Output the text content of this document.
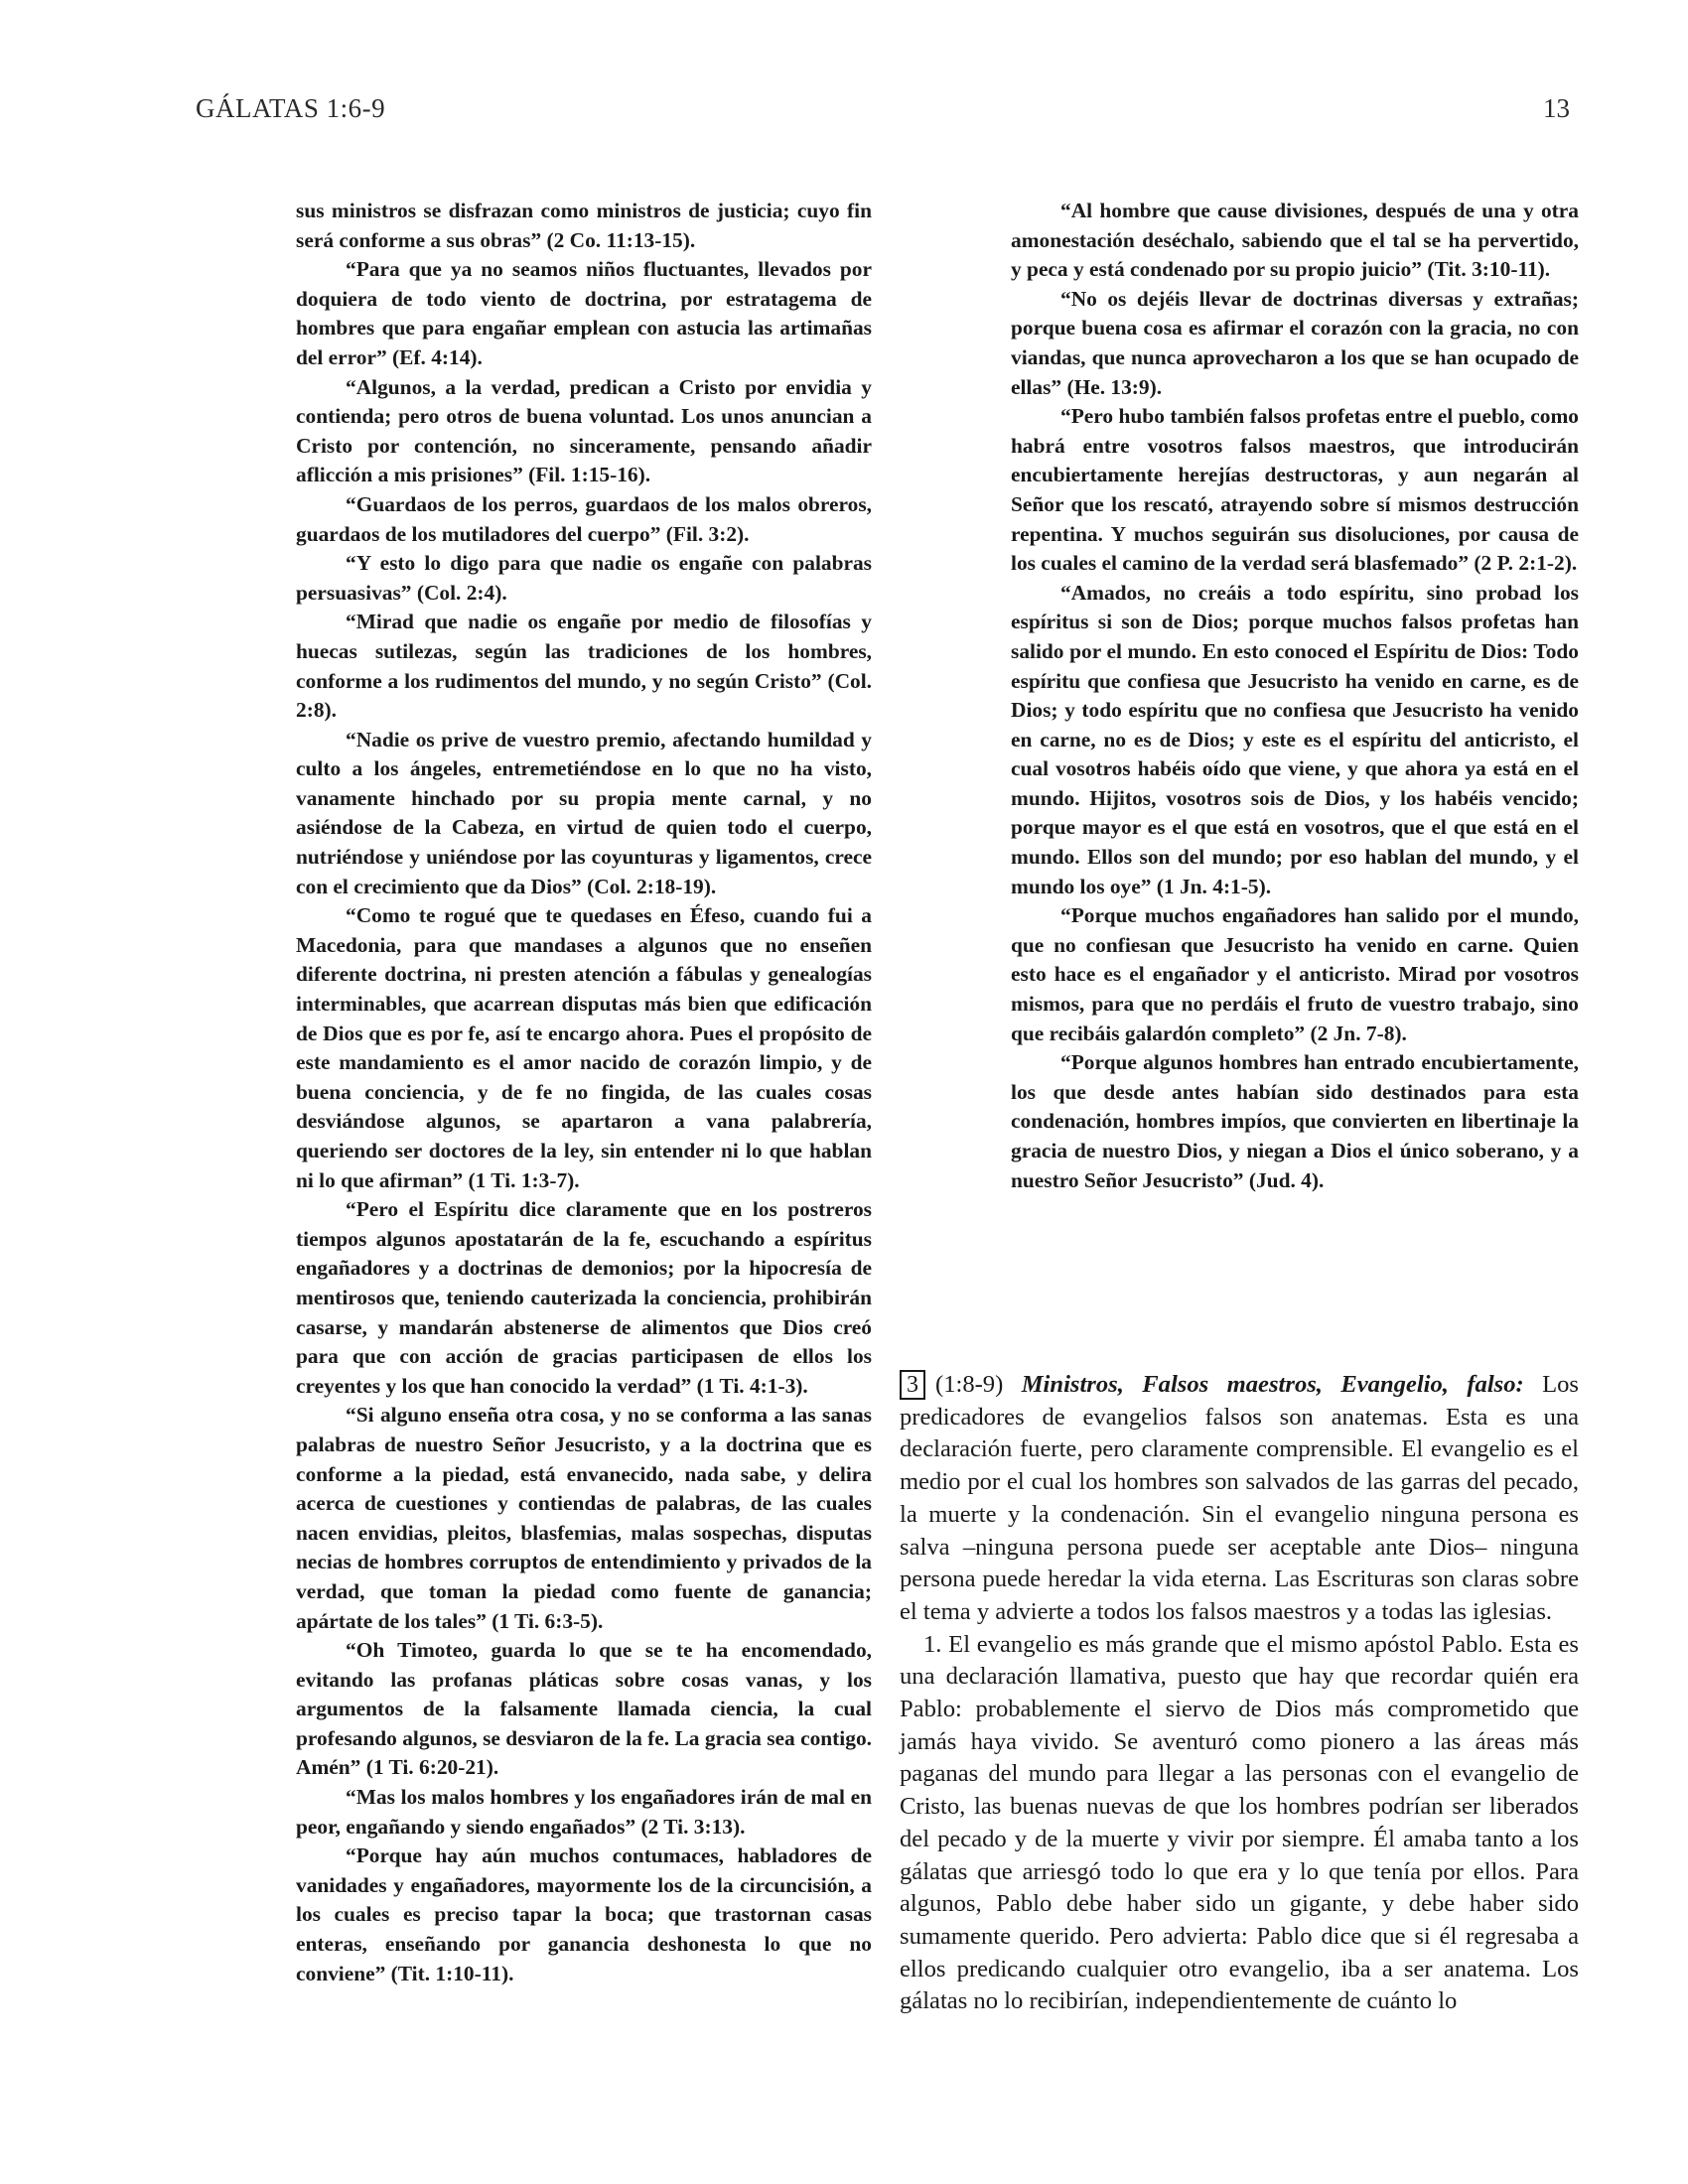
GÁLATAS 1:6-9	13

sus ministros se disfrazan como ministros de justicia; cuyo fin será conforme a sus obras” (2 Co. 11:13-15).

“Para que ya no seamos niños fluctuantes, llevados por doquiera de todo viento de doctrina, por estratagema de hombres que para engañar emplean con astucia las artimañas del error” (Ef. 4:14).

“Algunos, a la verdad, predican a Cristo por envidia y contienda; pero otros de buena voluntad. Los unos anuncian a Cristo por contención, no sinceramente, pensando añadir aflicción a mis prisiones” (Fil. 1:15-16).

“Guardaos de los perros, guardaos de los malos obreros, guardaos de los mutiladores del cuerpo” (Fil. 3:2).

“Y esto lo digo para que nadie os engañe con palabras persuasivas” (Col. 2:4).

“Mirad que nadie os engañe por medio de filosofías y huecas sutilezas, según las tradiciones de los hombres, conforme a los rudimentos del mundo, y no según Cristo” (Col. 2:8).

“Nadie os prive de vuestro premio, afectando humildad y culto a los ángeles, entremetiéndose en lo que no ha visto, vanamente hinchado por su propia mente carnal, y no asiéndose de la Cabeza, en virtud de quien todo el cuerpo, nutriéndose y uniéndose por las coyunturas y ligamentos, crece con el crecimiento que da Dios” (Col. 2:18-19).

“Como te rogué que te quedases en Éfeso, cuando fui a Macedonia, para que mandases a algunos que no enseñen diferente doctrina, ni presten atención a fábulas y genealogías interminables, que acarrean disputas más bien que edificación de Dios que es por fe, así te encargo ahora. Pues el propósito de este mandamiento es el amor nacido de corazón limpio, y de buena conciencia, y de fe no fingida, de las cuales cosas desviándose algunos, se apartaron a vana palabrería, queriendo ser doctores de la ley, sin entender ni lo que hablan ni lo que afirman” (1 Ti. 1:3-7).

“Pero el Espíritu dice claramente que en los postreros tiempos algunos apostatarán de la fe, escuchando a espíritus engañadores y a doctrinas de demonios; por la hipocresía de mentirosos que, teniendo cauterizada la conciencia, prohibirán casarse, y mandarán abstenerse de alimentos que Dios creó para que con acción de gracias participasen de ellos los creyentes y los que han conocido la verdad” (1 Ti. 4:1-3).

“Si alguno enseña otra cosa, y no se conforma a las sanas palabras de nuestro Señor Jesucristo, y a la doctrina que es conforme a la piedad, está envanecido, nada sabe, y delira acerca de cuestiones y contiendas de palabras, de las cuales nacen envidias, pleitos, blasfemias, malas sospechas, disputas necias de hombres corruptos de entendimiento y privados de la verdad, que toman la piedad como fuente de ganancia; apártate de los tales” (1 Ti. 6:3-5).

“Oh Timoteo, guarda lo que se te ha encomendado, evitando las profanas pláticas sobre cosas vanas, y los argumentos de la falsamente llamada ciencia, la cual profesando algunos, se desviaron de la fe. La gracia sea contigo. Amén” (1 Ti. 6:20-21).

“Mas los malos hombres y los engañadores irán de mal en peor, engañando y siendo engañados” (2 Ti. 3:13).

“Porque hay aún muchos contumaces, habladores de vanidades y engañadores, mayormente los de la circuncisión, a los cuales es preciso tapar la boca; que trastornan casas enteras, enseñando por ganancia deshonesta lo que no conviene” (Tit. 1:10-11).

“Al hombre que cause divisiones, después de una y otra amonestación deséchalo, sabiendo que el tal se ha pervertido, y peca y está condenado por su propio juicio” (Tit. 3:10-11).

“No os dejéis llevar de doctrinas diversas y extrañas; porque buena cosa es afirmar el corazón con la gracia, no con viandas, que nunca aprovecharon a los que se han ocupado de ellas” (He. 13:9).

“Pero hubo también falsos profetas entre el pueblo, como habrá entre vosotros falsos maestros, que introducirán encubiertamente herejías destructoras, y aun negarán al Señor que los rescató, atrayendo sobre sí mismos destrucción repentina. Y muchos seguirán sus disoluciones, por causa de los cuales el camino de la verdad será blasfemado” (2 P. 2:1-2).

“Amados, no creáis a todo espíritu, sino probad los espíritus si son de Dios; porque muchos falsos profetas han salido por el mundo. En esto conoced el Espíritu de Dios: Todo espíritu que confiesa que Jesucristo ha venido en carne, es de Dios; y todo espíritu que no confiesa que Jesucristo ha venido en carne, no es de Dios; y este es el espíritu del anticristo, el cual vosotros habéis oído que viene, y que ahora ya está en el mundo. Hijitos, vosotros sois de Dios, y los habéis vencido; porque mayor es el que está en vosotros, que el que está en el mundo. Ellos son del mundo; por eso hablan del mundo, y el mundo los oye” (1 Jn. 4:1-5).

“Porque muchos engañadores han salido por el mundo, que no confiesan que Jesucristo ha venido en carne. Quien esto hace es el engañador y el anticristo. Mirad por vosotros mismos, para que no perdáis el fruto de vuestro trabajo, sino que recibáis galardón completo” (2 Jn. 7-8).

“Porque algunos hombres han entrado encubiertamente, los que desde antes habían sido destinados para esta condenación, hombres impíos, que convierten en libertinaje la gracia de nuestro Dios, y niegan a Dios el único soberano, y a nuestro Señor Jesucristo” (Jud. 4).

3 (1:8-9) Ministros, Falsos maestros, Evangelio, falso: Los predicadores de evangelios falsos son anatemas. Esta es una declaración fuerte, pero claramente comprensible. El evangelio es el medio por el cual los hombres son salvados de las garras del pecado, la muerte y la condenación. Sin el evangelio ninguna persona es salva –ninguna persona puede ser aceptable ante Dios– ninguna persona puede heredar la vida eterna. Las Escrituras son claras sobre el tema y advierte a todos los falsos maestros y a todas las iglesias.

1. El evangelio es más grande que el mismo apóstol Pablo. Esta es una declaración llamativa, puesto que hay que recordar quién era Pablo: probablemente el siervo de Dios más comprometido que jamás haya vivido. Se aventuró como pionero a las áreas más paganas del mundo para llegar a las personas con el evangelio de Cristo, las buenas nuevas de que los hombres podrían ser liberados del pecado y de la muerte y vivir por siempre. Él amaba tanto a los gálatas que arriesgó todo lo que era y lo que tenía por ellos. Para algunos, Pablo debe haber sido un gigante, y debe haber sido sumamente querido. Pero advierta: Pablo dice que si él regresaba a ellos predicando cualquier otro evangelio, iba a ser anatema. Los gálatas no lo recibirían, independientemente de cuánto lo
